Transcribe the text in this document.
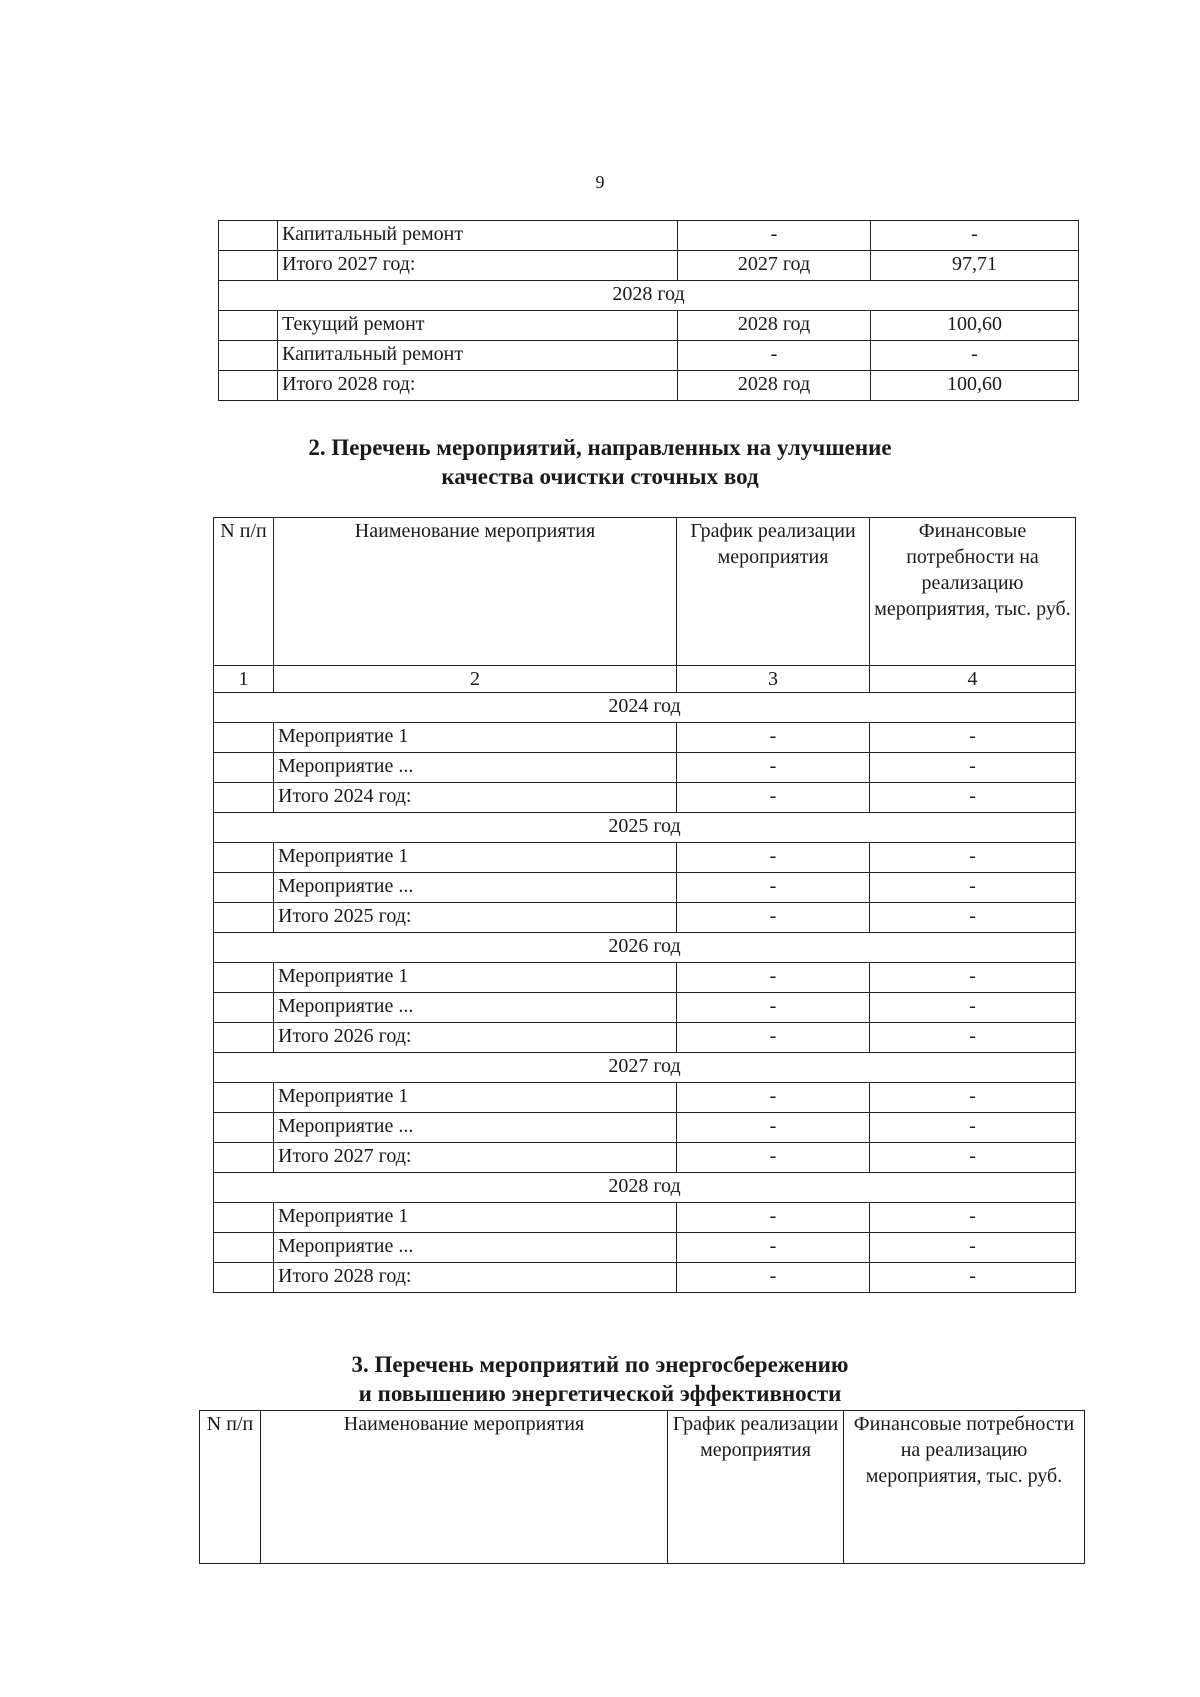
9
	Капитальный ремонт	-	-
	Итого 2027 год:	2027 год	97,71
2028 год			
	Текущий ремонт	2028 год	100,60
	Капитальный ремонт	-	-
	Итого 2028 год:	2028 год	100,60
2. Перечень мероприятий, направленных на улучшение
качества очистки сточных вод
N п/п	Наименование мероприятия	График реализации мероприятия	Финансовые потребности на реализацию мероприятия, тыс. руб.
1	2	3	4
2024 год			
	Мероприятие 1	-	-
	Мероприятие ...	-	-
	Итого 2024 год:	-	-
2025 год			
	Мероприятие 1	-	-
	Мероприятие ...	-	-
	Итого 2025 год:	-	-
2026 год			
	Мероприятие 1	-	-
	Мероприятие ...	-	-
	Итого 2026 год:	-	-
2027 год			
	Мероприятие 1	-	-
	Мероприятие ...	-	-
	Итого 2027 год:	-	-
2028 год			
	Мероприятие 1	-	-
	Мероприятие ...	-	-
	Итого 2028 год:	-	-
3. Перечень мероприятий по энергосбережению
и повышению энергетической эффективности
N п/п	Наименование мероприятия	График реализации мероприятия	Финансовые потребности на реализацию мероприятия, тыс. руб.
